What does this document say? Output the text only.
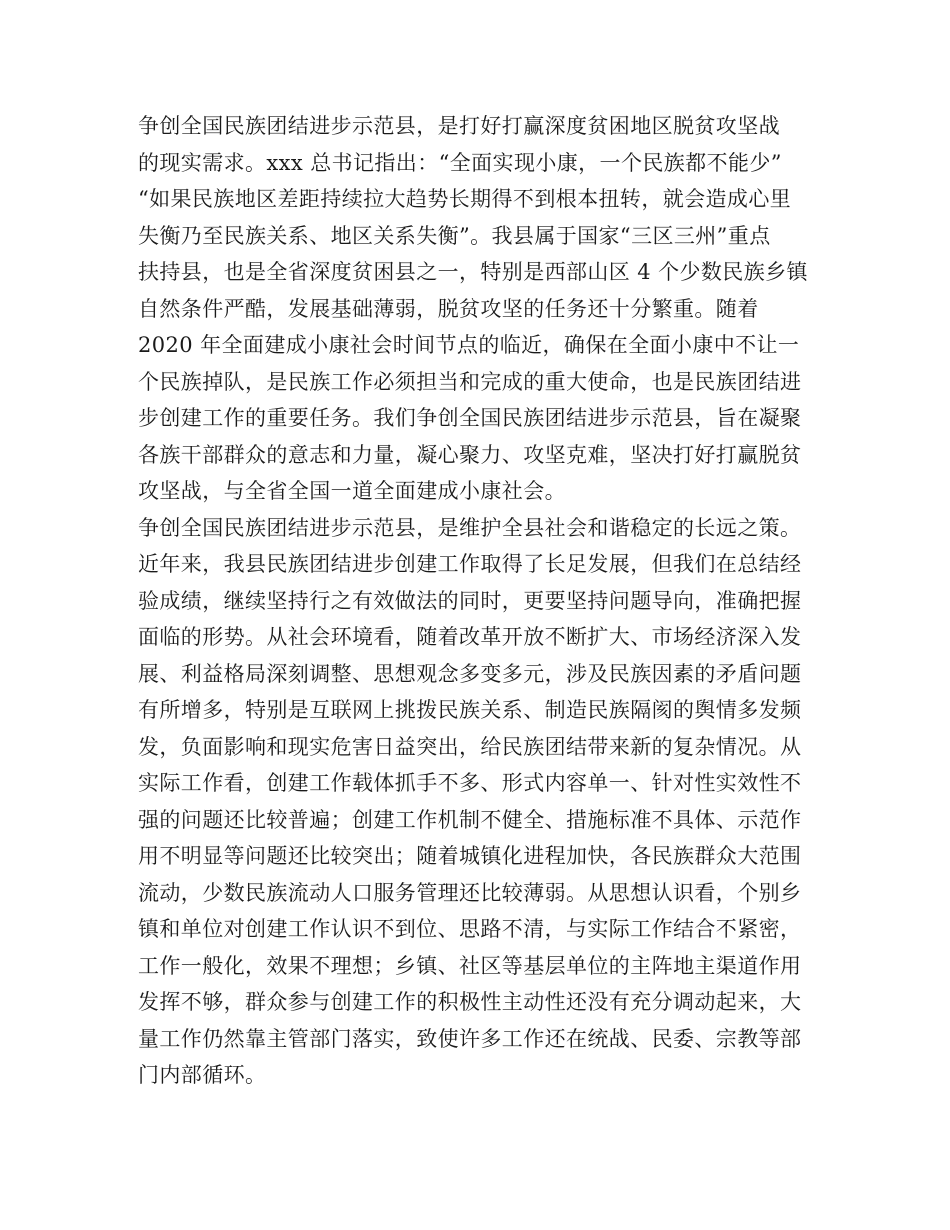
争创全国民族团结进步示范县，是打好打赢深度贫困地区脱贫攻坚战
的现实需求。xxx 总书记指出：“全面实现小康，一个民族都不能少”
“如果民族地区差距持续拉大趋势长期得不到根本扭转，就会造成心里
失衡乃至民族关系、地区关系失衡”。我县属于国家“三区三州”重点
扶持县，也是全省深度贫困县之一，特别是西部山区 4 个少数民族乡镇
自然条件严酷，发展基础薄弱，脱贫攻坚的任务还十分繁重。随着
2020 年全面建成小康社会时间节点的临近，确保在全面小康中不让一
个民族掉队，是民族工作必须担当和完成的重大使命，也是民族团结进
步创建工作的重要任务。我们争创全国民族团结进步示范县，旨在凝聚
各族干部群众的意志和力量，凝心聚力、攻坚克难，坚决打好打赢脱贫
攻坚战，与全省全国一道全面建成小康社会。
争创全国民族团结进步示范县，是维护全县社会和谐稳定的长远之策。
近年来，我县民族团结进步创建工作取得了长足发展，但我们在总结经
验成绩，继续坚持行之有效做法的同时，更要坚持问题导向，准确把握
面临的形势。从社会环境看，随着改革开放不断扩大、市场经济深入发
展、利益格局深刻调整、思想观念多变多元，涉及民族因素的矛盾问题
有所增多，特别是互联网上挑拨民族关系、制造民族隔阂的舆情多发频
发，负面影响和现实危害日益突出，给民族团结带来新的复杂情况。从
实际工作看，创建工作载体抓手不多、形式内容单一、针对性实效性不
强的问题还比较普遍；创建工作机制不健全、措施标准不具体、示范作
用不明显等问题还比较突出；随着城镇化进程加快，各民族群众大范围
流动，少数民族流动人口服务管理还比较薄弱。从思想认识看，个别乡
镇和单位对创建工作认识不到位、思路不清，与实际工作结合不紧密，
工作一般化，效果不理想；乡镇、社区等基层单位的主阵地主渠道作用
发挥不够，群众参与创建工作的积极性主动性还没有充分调动起来，大
量工作仍然靠主管部门落实，致使许多工作还在统战、民委、宗教等部
门内部循环。
